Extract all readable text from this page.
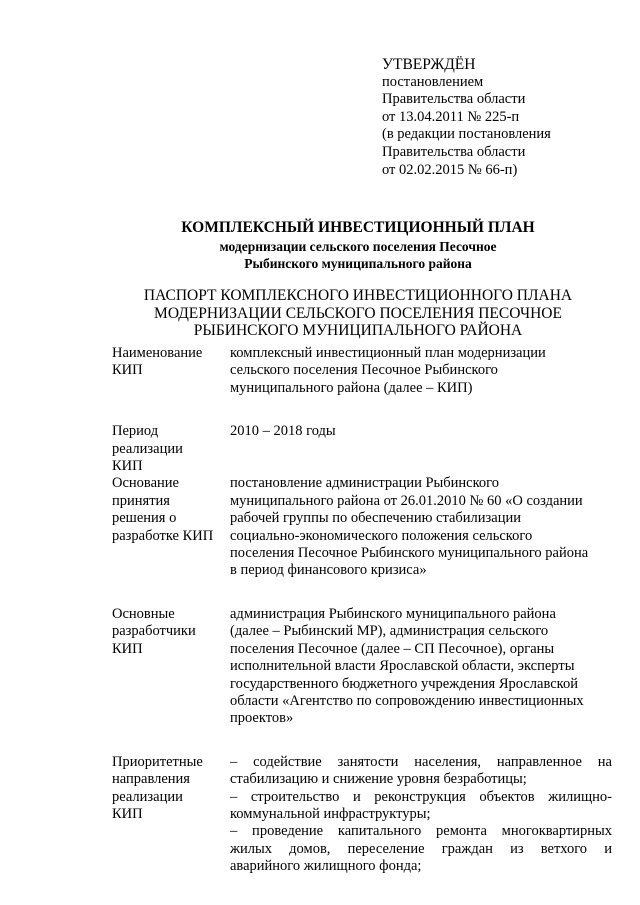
УТВЕРЖДЁН
постановлением
Правительства области
от 13.04.2011 № 225-п
(в редакции постановления
Правительства области
от 02.02.2015 № 66-п)
КОМПЛЕКСНЫЙ ИНВЕСТИЦИОННЫЙ ПЛАН
модернизации сельского поселения Песочное
Рыбинского муниципального района
ПАСПОРТ КОМПЛЕКСНОГО ИНВЕСТИЦИОННОГО ПЛАНА
МОДЕРНИЗАЦИИ СЕЛЬСКОГО ПОСЕЛЕНИЯ ПЕСОЧНОЕ
РЫБИНСКОГО МУНИЦИПАЛЬНОГО РАЙОНА
Наименование
КИП
комплексный инвестиционный план модернизации
сельского поселения Песочное Рыбинского
муниципального района (далее – КИП)
Период
реализации
КИП
2010 – 2018 годы
Основание
принятия
решения о
разработке КИП
постановление администрации Рыбинского
муниципального района от 26.01.2010 № 60 «О создании
рабочей группы по обеспечению стабилизации
социально-экономического положения сельского
поселения Песочное Рыбинского муниципального района
в период финансового кризиса»
Основные
разработчики
КИП
администрация Рыбинского муниципального района
(далее – Рыбинский МР), администрация сельского
поселения Песочное (далее – СП Песочное), органы
исполнительной власти Ярославской области, эксперты
государственного бюджетного учреждения Ярославской
области «Агентство по сопровождению инвестиционных
проектов»
Приоритетные
направления
реализации
КИП
– содействие занятости населения, направленное на
стабилизацию и снижение уровня безработицы;
– строительство и реконструкция объектов жилищно-
коммунальной инфраструктуры;
– проведение капитального ремонта многоквартирных
жилых домов, переселение граждан из ветхого и
аварийного жилищного фонда;
